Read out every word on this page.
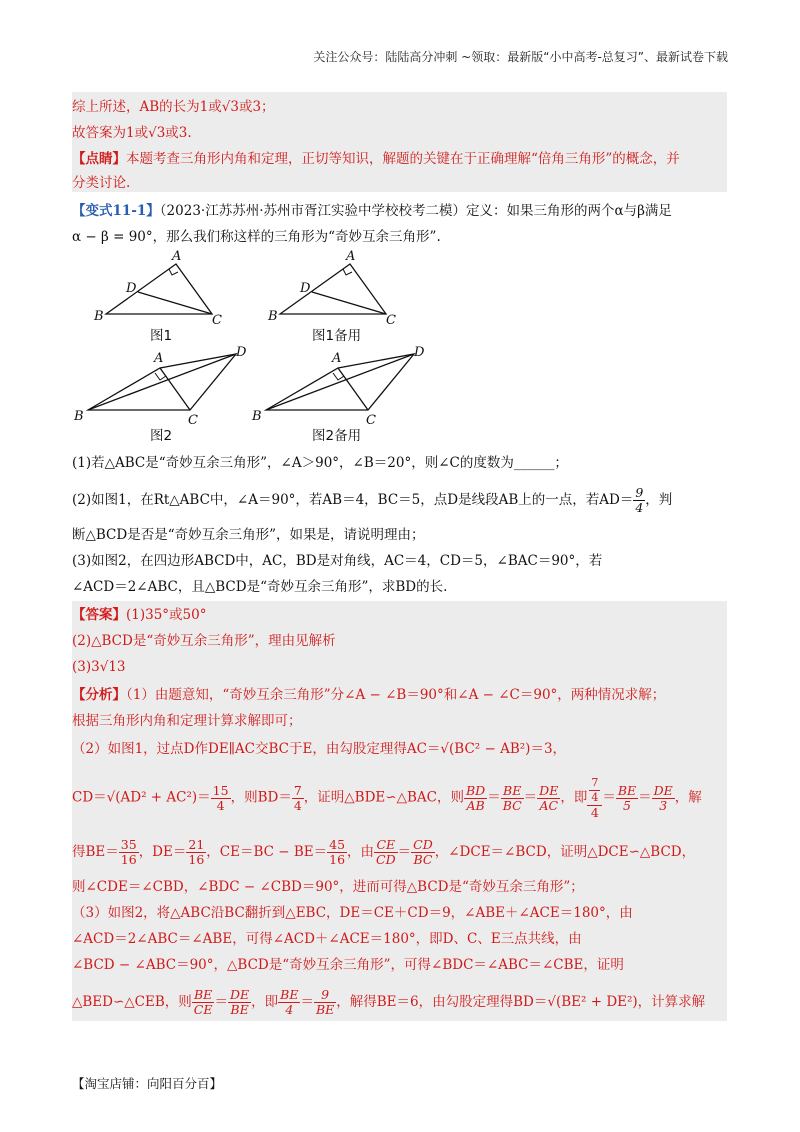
关注公众号：陆陆高分冲刺 ~领取：最新版“小中高考-总复习”、最新试卷下载
综上所述，AB的长为1或√3或3；
故答案为1或√3或3.
【点睛】本题考查三角形内角和定理，正切等知识，解题的关键在于正确理解“倍角三角形”的概念，并
分类讨论.
【变式11-1】（2023·江苏苏州·苏州市胥江实验中学校校考二模）定义：如果三角形的两个α与β满足
α − β = 90°，那么我们称这样的三角形为“奇妙互余三角形”.
A
D
B	C
图1
A
D
B	C
图1备用
A	D
B	C
图2
A	D
B	C
图2备用
(1)若△ABC是“奇妙互余三角形”，∠A＞90°，∠B＝20°，则∠C的度数为______；
(2)如图1，在Rt△ABC中，∠A＝90°，若AB＝4，BC＝5，点D是线段AB上的一点，若$AD= \frac{9}{4}$ ，判
断△BCD是否是“奇妙互余三角形”，如果是，请说明理由；
(3)如图2，在四边形ABCD中，AC，BD是对角线，AC＝4，CD＝5，∠BAC＝90°，若
∠ACD＝2∠ABC，且△BCD是“奇妙互余三角形”，求BD的长.
【答案】(1)35°或50°
(2)△BCD是“奇妙互余三角形”，理由见解析
(3)3√13
【分析】（1）由题意知，“奇妙互余三角形”分∠A − ∠B＝90°和∠A − ∠C＝90°，两种情况求解；
根据三角形内角和定理计算求解即可；
（2）如图1，过点D作DE∥AC交BC于E，由勾股定理得AC＝√(BC² − AB²)＝3，
$CD=√(AD^2 + AC^2)= \frac{15}{4}$ ，则$BD= \frac{7}{4}$ ，证明△BDE∽△BAC，则 $\frac{BD}{AB} = \frac{BE}{BC} = \frac{DE}{AC}$ ，即 $\frac{\frac{7}{4}}{4} = \frac{BE}{5} = \frac{DE}{3}$ ，解
得$BE= \frac{35}{16}$ ，$DE= \frac{21}{16}$ ，$CE=BC - BE= \frac{45}{16}$ ，由 $\frac{CE}{CD} = \frac{CD}{BC}$ ，∠DCE＝∠BCD，证明△DCE∽△BCD，
则∠CDE＝∠CBD，∠BDC − ∠CBD＝90°，进而可得△BCD是“奇妙互余三角形”；
（3）如图2，将△ABC沿BC翻折到△EBC，DE＝CE＋CD＝9，∠ABE＋∠ACE＝180°，由
∠ACD＝2∠ABC＝∠ABE，可得∠ACD＋∠ACE＝180°，即D、C、E三点共线，由
∠BCD − ∠ABC＝90°，△BCD是“奇妙互余三角形”，可得∠BDC＝∠ABC＝∠CBE，证明
△BED∽△CEB，则 $\frac{BE}{CE} = \frac{DE}{BE}$ ，即 $\frac{BE}{4} = \frac{9}{BE}$ ，解得BE＝6，由勾股定理得BD＝√(BE² + DE²)，计算求解
【淘宝店铺：向阳百分百】
